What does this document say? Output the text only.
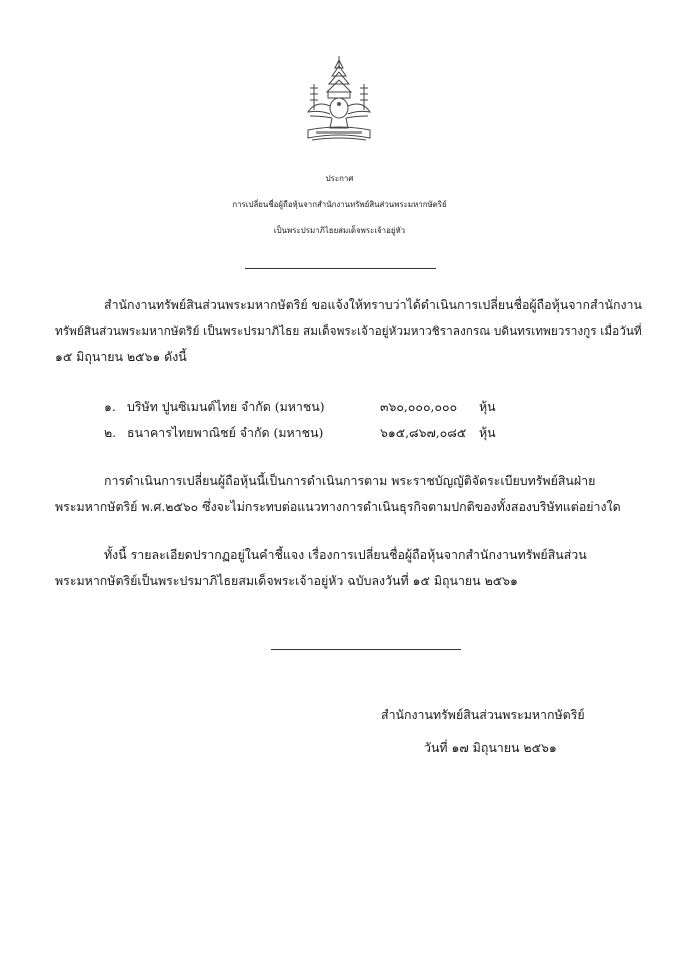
ประกาศ
การเปลี่ยนชื่อผู้ถือหุ้นจากสำนักงานทรัพย์สินส่วนพระมหากษัตริย์
เป็นพระปรมาภิไธยสมเด็จพระเจ้าอยู่หัว
สำนักงานทรัพย์สินส่วนพระมหากษัตริย์ ขอแจ้งให้ทราบว่าได้ดำเนินการเปลี่ยนชื่อผู้ถือหุ้นจากสำนักงาน
ทรัพย์สินส่วนพระมหากษัตริย์ เป็นพระปรมาภิไธย สมเด็จพระเจ้าอยู่หัวมหาวชิราลงกรณ บดินทรเทพยวรางกูร เมื่อวันที่
๑๕ มิถุนายน ๒๕๖๑ ดังนี้
๑. บริษัท ปูนซิเมนต์ไทย จำกัด (มหาชน)	๓๖๐,๐๐๐,๐๐๐ หุ้น
๒. ธนาคารไทยพาณิชย์ จำกัด (มหาชน)	๖๑๕,๘๖๗,๐๘๕ หุ้น
การดำเนินการเปลี่ยนผู้ถือหุ้นนี้เป็นการดำเนินการตาม พระราชบัญญัติจัดระเบียบทรัพย์สินฝ่าย
พระมหากษัตริย์ พ.ศ.๒๕๖๐ ซึ่งจะไม่กระทบต่อแนวทางการดำเนินธุรกิจตามปกติของทั้งสองบริษัทแต่อย่างใด
ทั้งนี้ รายละเอียดปรากฏอยู่ในคำชี้แจง เรื่องการเปลี่ยนชื่อผู้ถือหุ้นจากสำนักงานทรัพย์สินส่วน
พระมหากษัตริย์เป็นพระปรมาภิไธยสมเด็จพระเจ้าอยู่หัว ฉบับลงวันที่ ๑๕ มิถุนายน ๒๕๖๑
สำนักงานทรัพย์สินส่วนพระมหากษัตริย์
วันที่ ๑๗ มิถุนายน ๒๕๖๑
